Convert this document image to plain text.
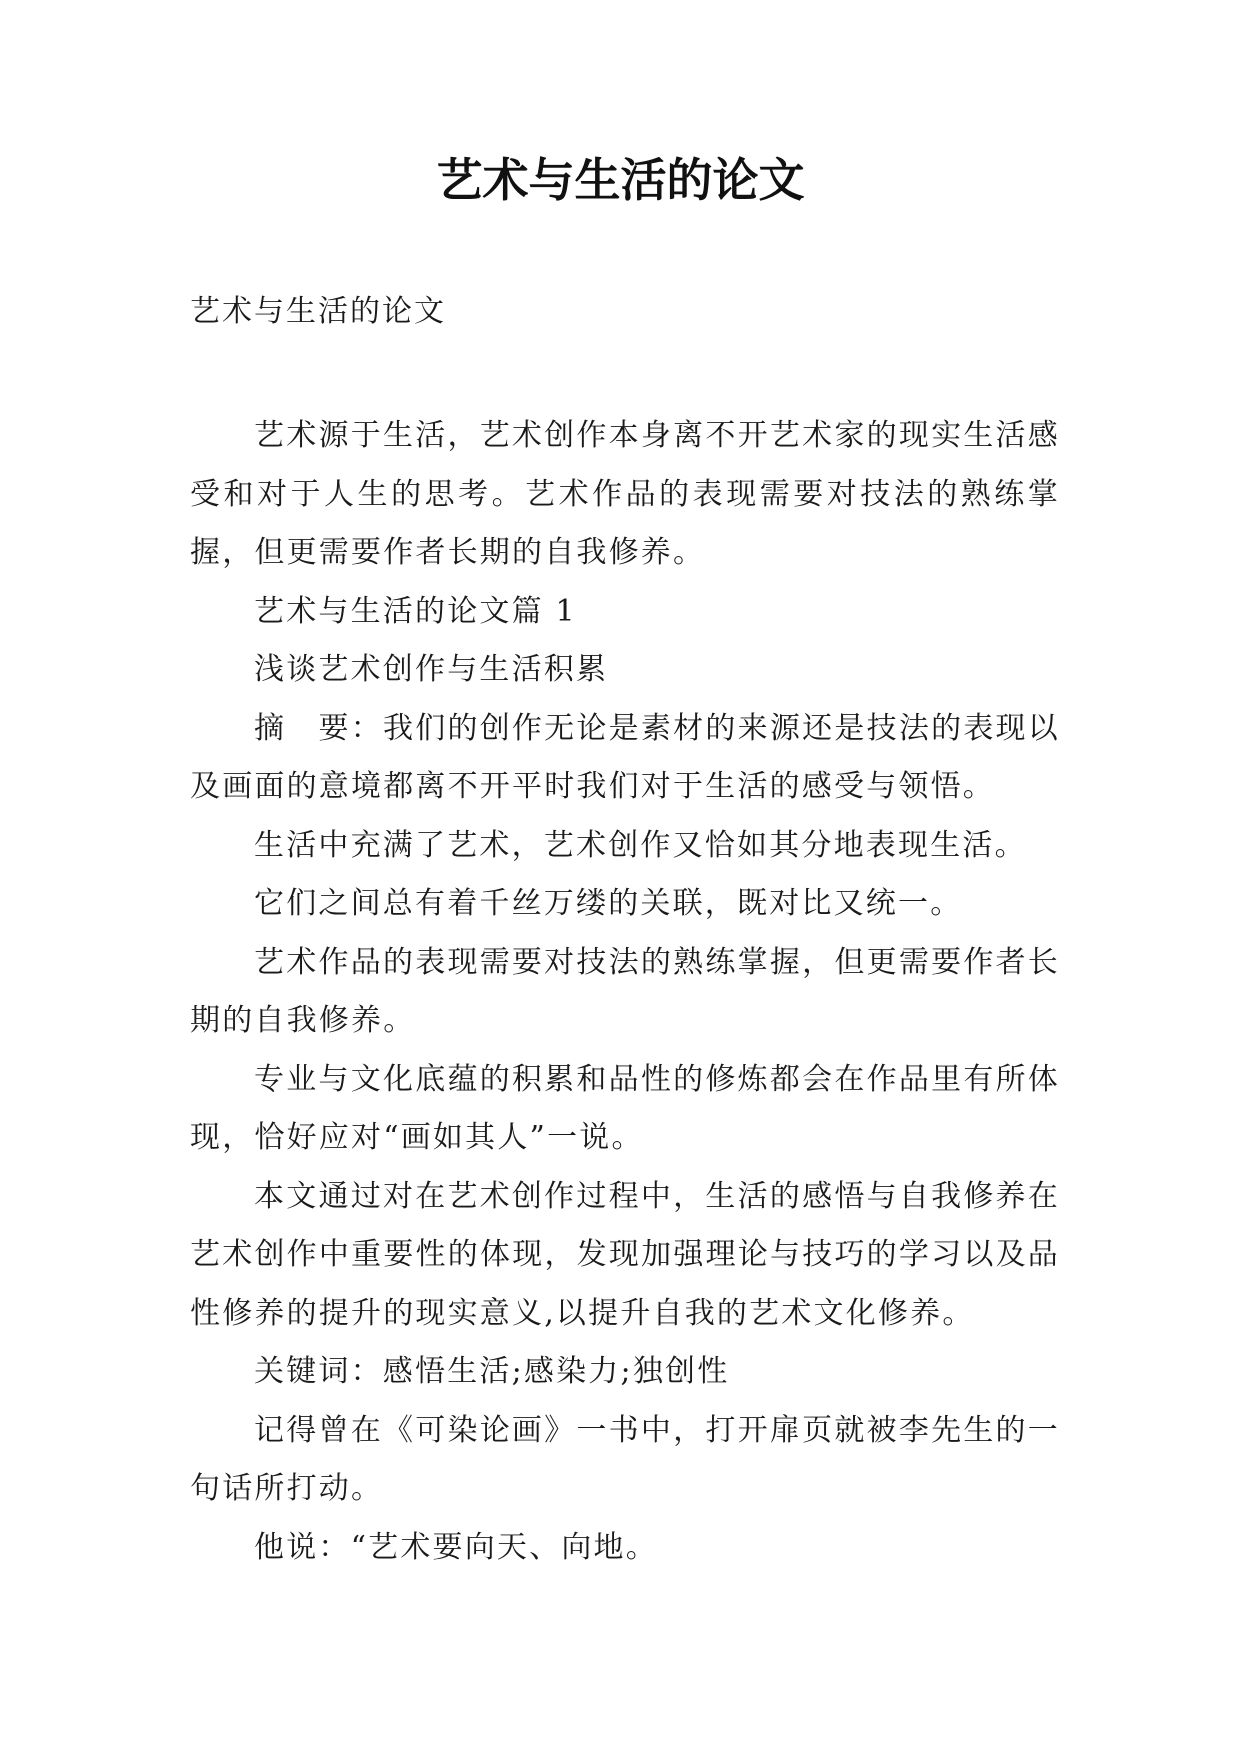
艺术与生活的论文
艺术与生活的论文

艺术源于生活，艺术创作本身离不开艺术家的现实生活感受和对于人生的思考。艺术作品的表现需要对技法的熟练掌握，但更需要作者长期的自我修养。

艺术与生活的论文篇 1

浅谈艺术创作与生活积累

摘　要：我们的创作无论是素材的来源还是技法的表现以及画面的意境都离不开平时我们对于生活的感受与领悟。

生活中充满了艺术，艺术创作又恰如其分地表现生活。

它们之间总有着千丝万缕的关联，既对比又统一。

艺术作品的表现需要对技法的熟练掌握，但更需要作者长期的自我修养。

专业与文化底蕴的积累和品性的修炼都会在作品里有所体现，恰好应对“画如其人”一说。

本文通过对在艺术创作过程中，生活的感悟与自我修养在艺术创作中重要性的体现，发现加强理论与技巧的学习以及品性修养的提升的现实意义,以提升自我的艺术文化修养。

关键词：感悟生活;感染力;独创性

记得曾在《可染论画》一书中，打开扉页就被李先生的一句话所打动。

他说：“艺术要向天、向地。
